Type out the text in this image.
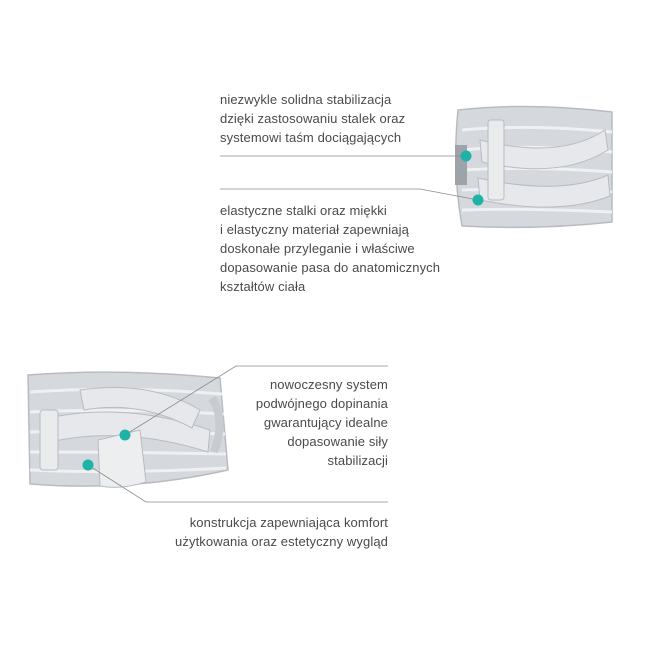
niezwykle solidna stabilizacja
dzięki zastosowaniu stalek oraz
systemowi taśm dociągających
elastyczne stalki oraz miękki
i elastyczny materiał zapewniają
doskonałe przyleganie i właściwe
dopasowanie pasa do anatomicznych
kształtów ciała
nowoczesny system
podwójnego dopinania
gwarantujący idealne
dopasowanie siły
stabilizacji
konstrukcja zapewniająca komfort
użytkowania oraz estetyczny wygląd
